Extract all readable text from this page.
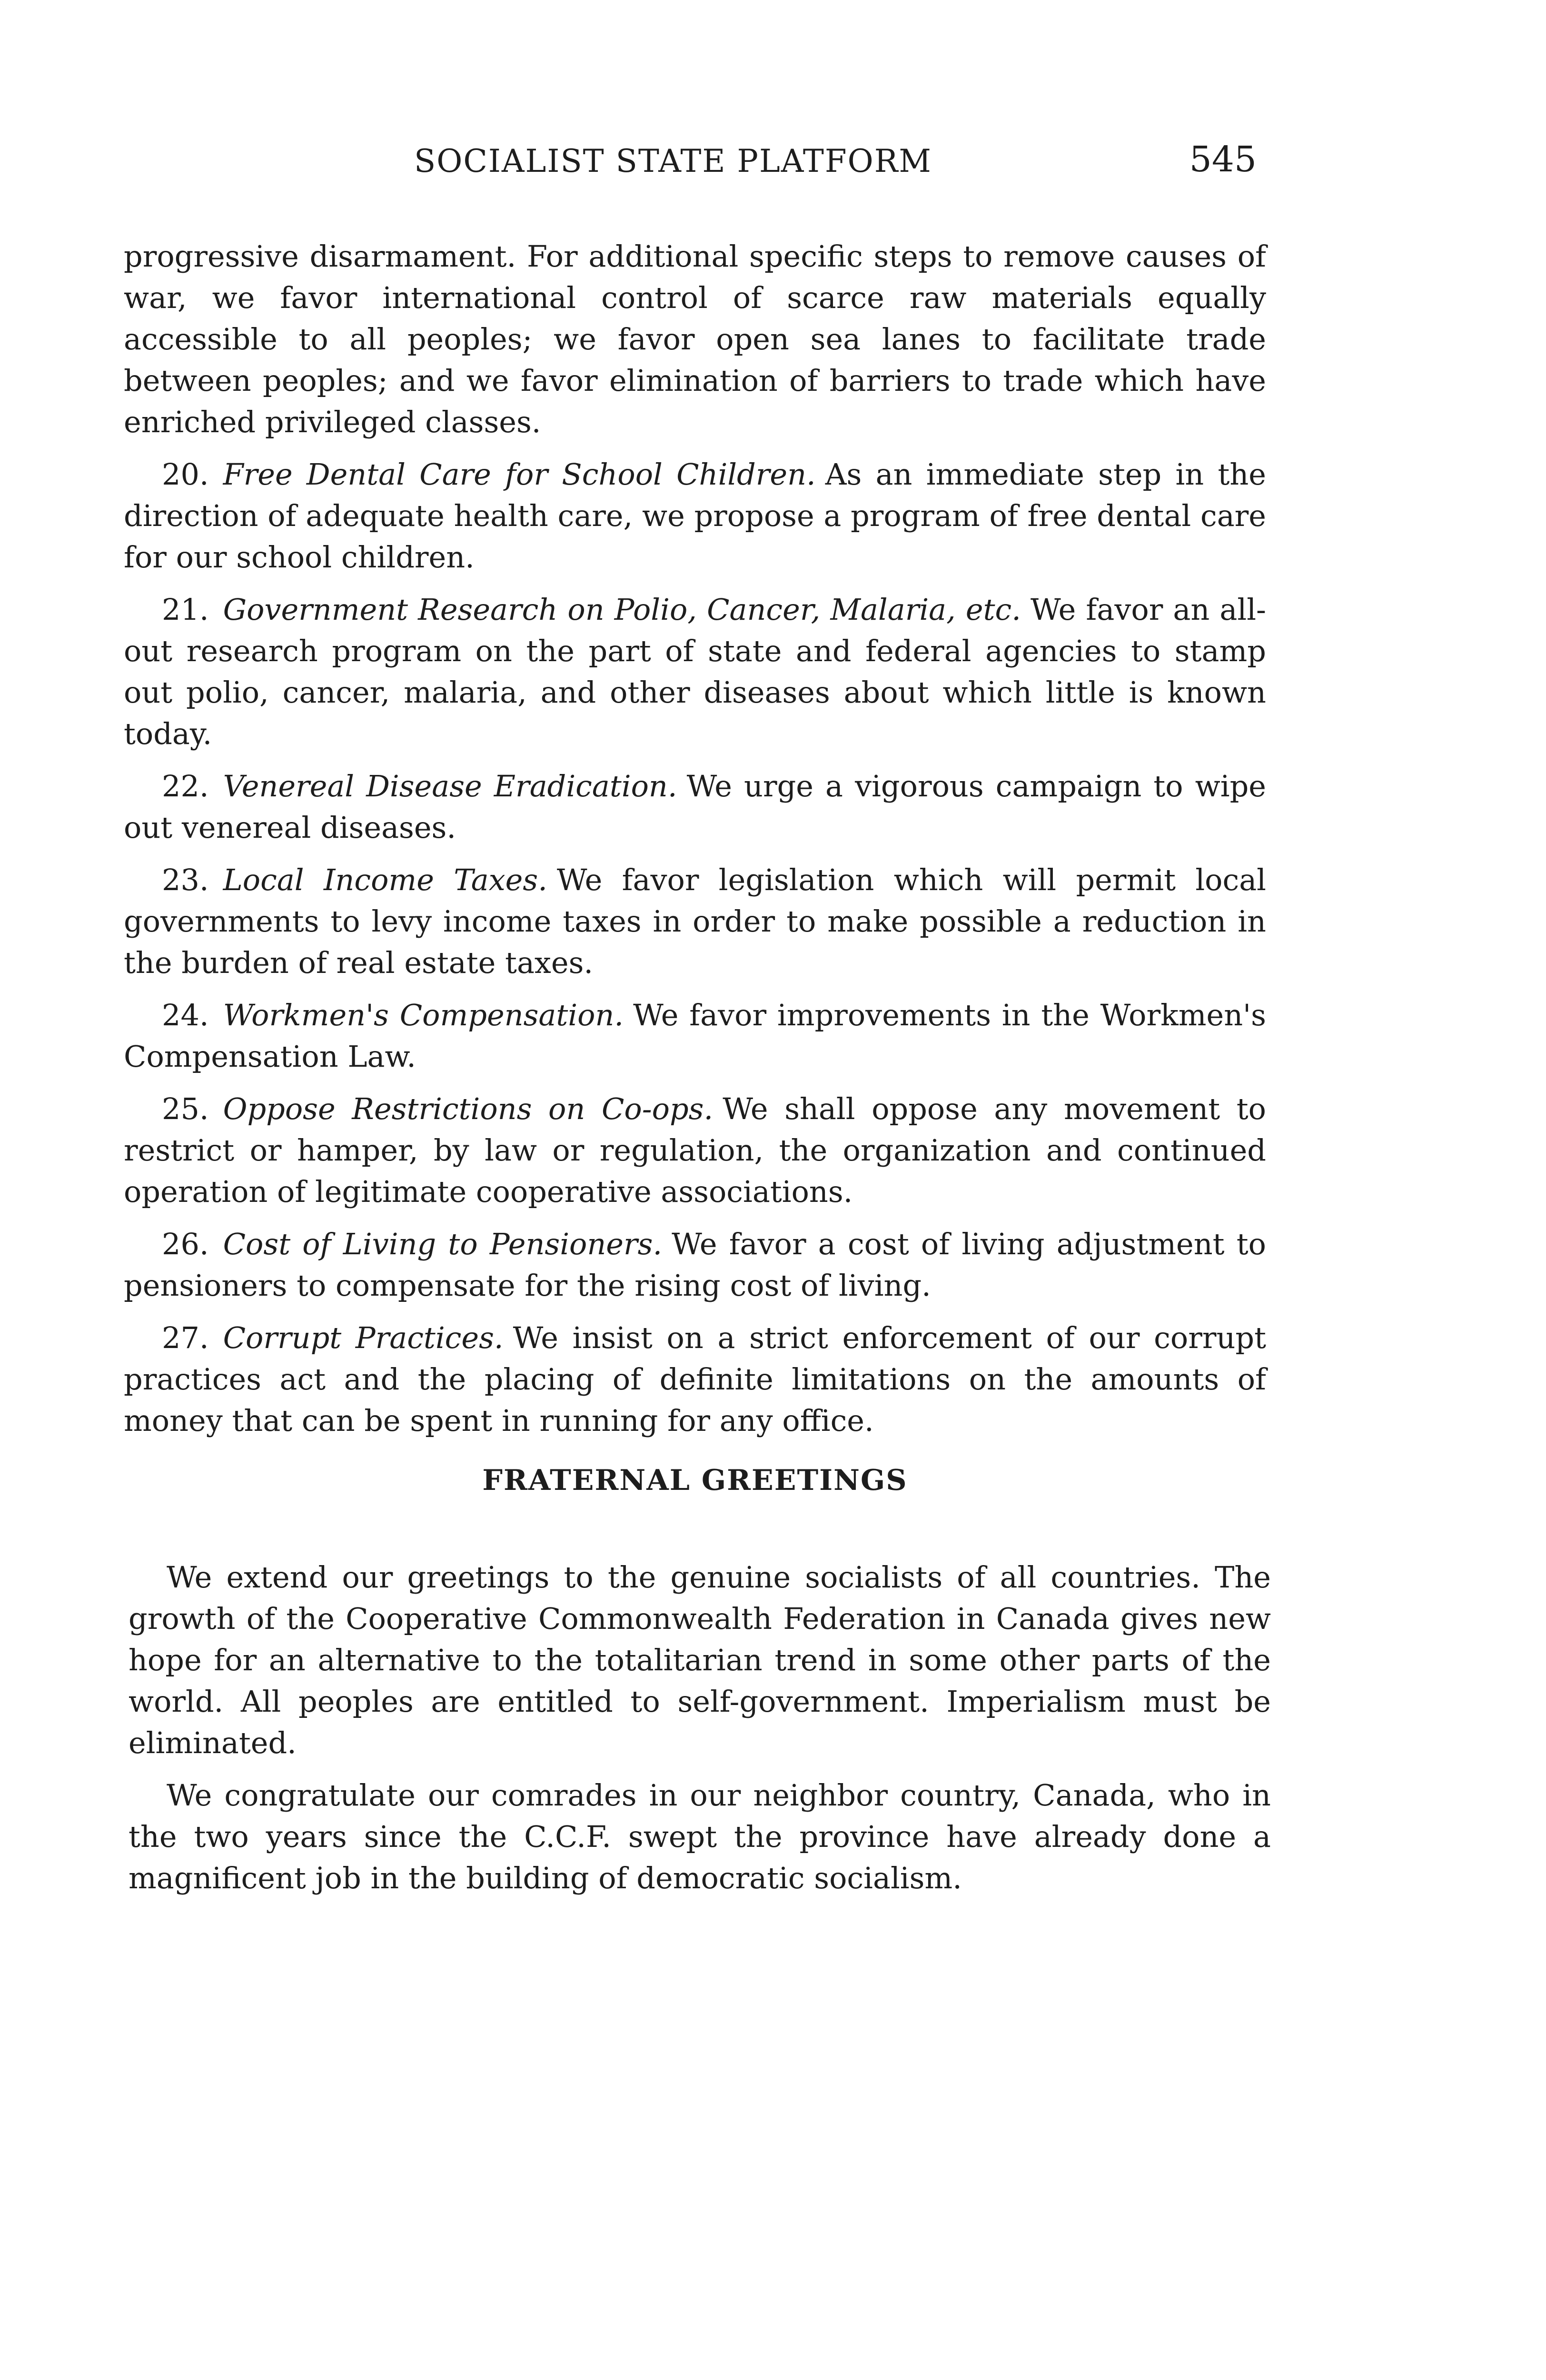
SOCIALIST STATE PLATFORM	545

progressive disarmament. For additional specific steps to remove causes of war, we favor international control of scarce raw materials equally accessible to all peoples; we favor open sea lanes to facilitate trade between peoples; and we favor elimination of barriers to trade which have enriched privileged classes.

20. Free Dental Care for School Children. As an immediate step in the direction of adequate health care, we propose a program of free dental care for our school children.

21. Government Research on Polio, Cancer, Malaria, etc. We favor an all-out research program on the part of state and federal agencies to stamp out polio, cancer, malaria, and other diseases about which little is known today.

22. Venereal Disease Eradication. We urge a vigorous campaign to wipe out venereal diseases.

23. Local Income Taxes. We favor legislation which will permit local governments to levy income taxes in order to make possible a reduction in the burden of real estate taxes.

24. Workmen's Compensation. We favor improvements in the Workmen's Compensation Law.

25. Oppose Restrictions on Co-ops. We shall oppose any movement to restrict or hamper, by law or regulation, the organization and continued operation of legitimate cooperative associations.

26. Cost of Living to Pensioners. We favor a cost of living adjustment to pensioners to compensate for the rising cost of living.

27. Corrupt Practices. We insist on a strict enforcement of our corrupt practices act and the placing of definite limitations on the amounts of money that can be spent in running for any office.

FRATERNAL GREETINGS

We extend our greetings to the genuine socialists of all countries. The growth of the Cooperative Commonwealth Federation in Canada gives new hope for an alternative to the totalitarian trend in some other parts of the world. All peoples are entitled to self-government. Imperialism must be eliminated.

We congratulate our comrades in our neighbor country, Canada, who in the two years since the C.C.F. swept the province have already done a magnificent job in the building of democratic socialism.
